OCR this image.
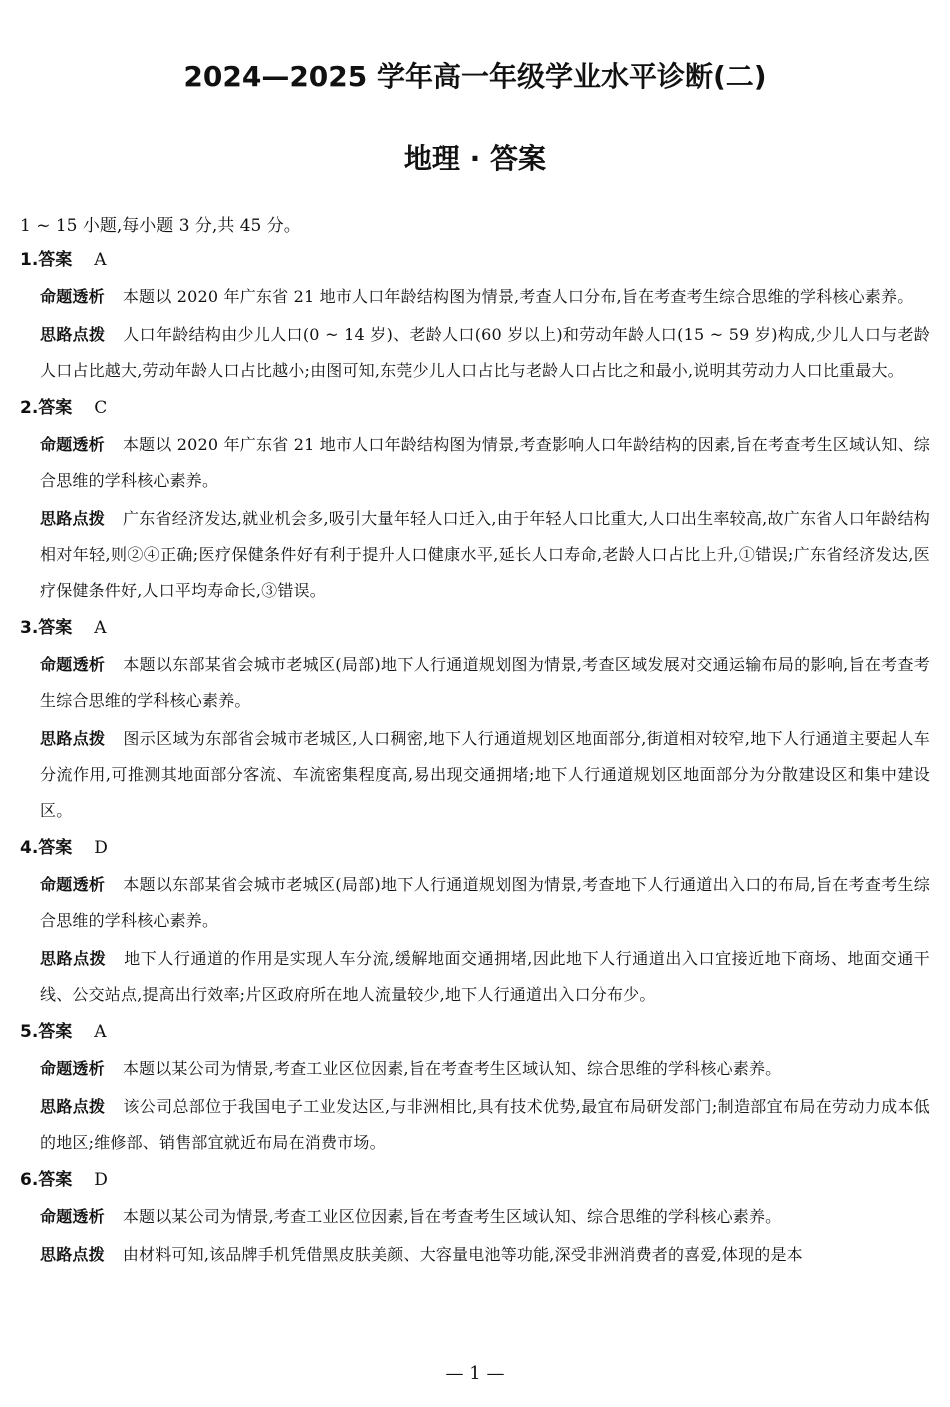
2024—2025 学年高一年级学业水平诊断(二)
地理 · 答案
1 ~ 15 小题,每小题 3 分,共 45 分。
1.答案 A
命题透析 本题以 2020 年广东省 21 地市人口年龄结构图为情景,考查人口分布,旨在考查考生综合思维的学科核心素养。
思路点拨 人口年龄结构由少儿人口(0 ~ 14 岁)、老龄人口(60 岁以上)和劳动年龄人口(15 ~ 59 岁)构成,少儿人口与老龄人口占比越大,劳动年龄人口占比越小;由图可知,东莞少儿人口占比与老龄人口占比之和最小,说明其劳动力人口比重最大。
2.答案 C
命题透析 本题以 2020 年广东省 21 地市人口年龄结构图为情景,考查影响人口年龄结构的因素,旨在考查考生区域认知、综合思维的学科核心素养。
思路点拨 广东省经济发达,就业机会多,吸引大量年轻人口迁入,由于年轻人口比重大,人口出生率较高,故广东省人口年龄结构相对年轻,则②④正确;医疗保健条件好有利于提升人口健康水平,延长人口寿命,老龄人口占比上升,①错误;广东省经济发达,医疗保健条件好,人口平均寿命长,③错误。
3.答案 A
命题透析 本题以东部某省会城市老城区(局部)地下人行通道规划图为情景,考查区域发展对交通运输布局的影响,旨在考查考生综合思维的学科核心素养。
思路点拨 图示区域为东部省会城市老城区,人口稠密,地下人行通道规划区地面部分,街道相对较窄,地下人行通道主要起人车分流作用,可推测其地面部分客流、车流密集程度高,易出现交通拥堵;地下人行通道规划区地面部分为分散建设区和集中建设区。
4.答案 D
命题透析 本题以东部某省会城市老城区(局部)地下人行通道规划图为情景,考查地下人行通道出入口的布局,旨在考查考生综合思维的学科核心素养。
思路点拨 地下人行通道的作用是实现人车分流,缓解地面交通拥堵,因此地下人行通道出入口宜接近地下商场、地面交通干线、公交站点,提高出行效率;片区政府所在地人流量较少,地下人行通道出入口分布少。
5.答案 A
命题透析 本题以某公司为情景,考查工业区位因素,旨在考查考生区域认知、综合思维的学科核心素养。
思路点拨 该公司总部位于我国电子工业发达区,与非洲相比,具有技术优势,最宜布局研发部门;制造部宜布局在劳动力成本低的地区;维修部、销售部宜就近布局在消费市场。
6.答案 D
命题透析 本题以某公司为情景,考查工业区位因素,旨在考查考生区域认知、综合思维的学科核心素养。
思路点拨 由材料可知,该品牌手机凭借黑皮肤美颜、大容量电池等功能,深受非洲消费者的喜爱,体现的是本
— 1 —
